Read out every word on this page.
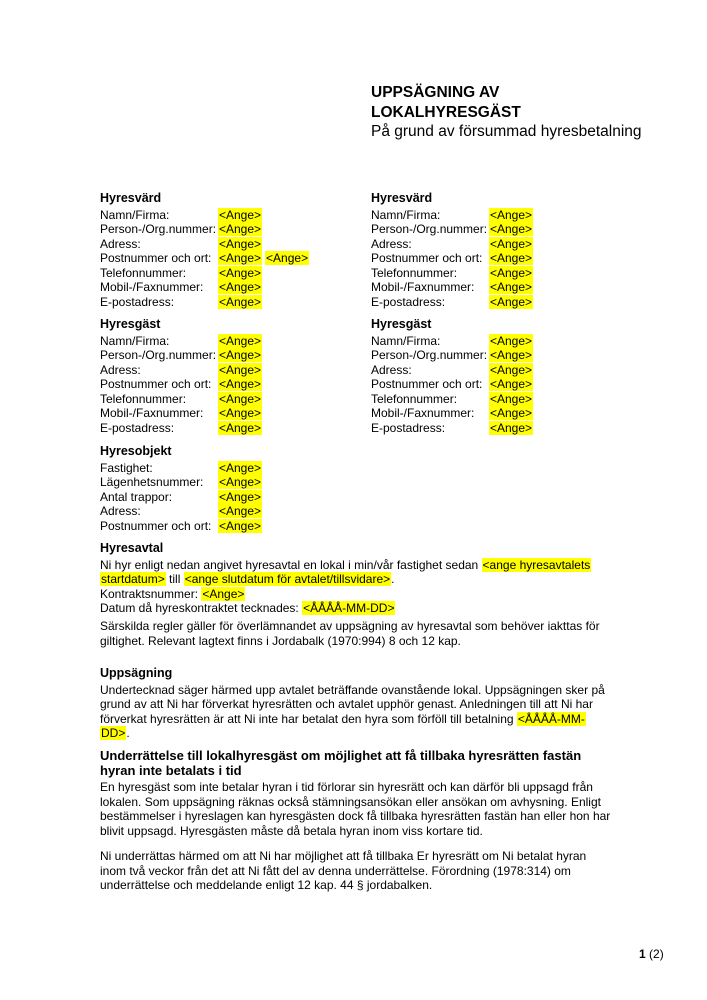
UPPSÄGNING AV
LOKALHYRESGÄST
På grund av försummad hyresbetalning
Hyresvärd
Namn/Firma:	<Ange>
Person-/Org.nummer: <Ange>
Adress:	<Ange>
Postnummer och ort: <Ange> <Ange>
Telefonnummer:	<Ange>
Mobil-/Faxnummer: <Ange>
E-postadress:	<Ange>
Hyresvärd
Namn/Firma:	<Ange>
Person-/Org.nummer: <Ange>
Adress:	<Ange>
Postnummer och ort: <Ange>
Telefonnummer:	<Ange>
Mobil-/Faxnummer: <Ange>
E-postadress:	<Ange>
Hyresgäst
Namn/Firma:	<Ange>
Person-/Org.nummer: <Ange>
Adress:	<Ange>
Postnummer och ort: <Ange>
Telefonnummer:	<Ange>
Mobil-/Faxnummer: <Ange>
E-postadress:	<Ange>
Hyresgäst
Namn/Firma:	<Ange>
Person-/Org.nummer: <Ange>
Adress:	<Ange>
Postnummer och ort: <Ange>
Telefonnummer:	<Ange>
Mobil-/Faxnummer: <Ange>
E-postadress:	<Ange>
Hyresobjekt
Fastighet:	<Ange>
Lägenhetsnummer: <Ange>
Antal trappor:	<Ange>
Adress:	<Ange>
Postnummer och ort: <Ange>
Hyresavtal
Ni hyr enligt nedan angivet hyresavtal en lokal i min/vår fastighet sedan <ange hyresavtalets
startdatum> till <ange slutdatum för avtalet/tillsvidare>.
Kontraktsnummer: <Ange>
Datum då hyreskontraktet tecknades: <ÅÅÅÅ-MM-DD>
Särskilda regler gäller för överlämnandet av uppsägning av hyresavtal som behöver iakttas för
giltighet. Relevant lagtext finns i Jordabalk (1970:994) 8 och 12 kap.
Uppsägning
Undertecknad säger härmed upp avtalet beträffande ovanstående lokal. Uppsägningen sker på
grund av att Ni har förverkat hyresrätten och avtalet upphör genast. Anledningen till att Ni har
förverkat hyresrätten är att Ni inte har betalat den hyra som förföll till betalning <ÅÅÅÅ-MM-
DD>.
Underrättelse till lokalhyresgäst om möjlighet att få tillbaka hyresrätten fastän
hyran inte betalats i tid
En hyresgäst som inte betalar hyran i tid förlorar sin hyresrätt och kan därför bli uppsagd från
lokalen. Som uppsägning räknas också stämningsansökan eller ansökan om avhysning. Enligt
bestämmelser i hyreslagen kan hyresgästen dock få tillbaka hyresrätten fastän han eller hon har
blivit uppsagd. Hyresgästen måste då betala hyran inom viss kortare tid.
Ni underrättas härmed om att Ni har möjlighet att få tillbaka Er hyresrätt om Ni betalat hyran
inom två veckor från det att Ni fått del av denna underrättelse. Förordning (1978:314) om
underrättelse och meddelande enligt 12 kap. 44 § jordabalken.
1 (2)
